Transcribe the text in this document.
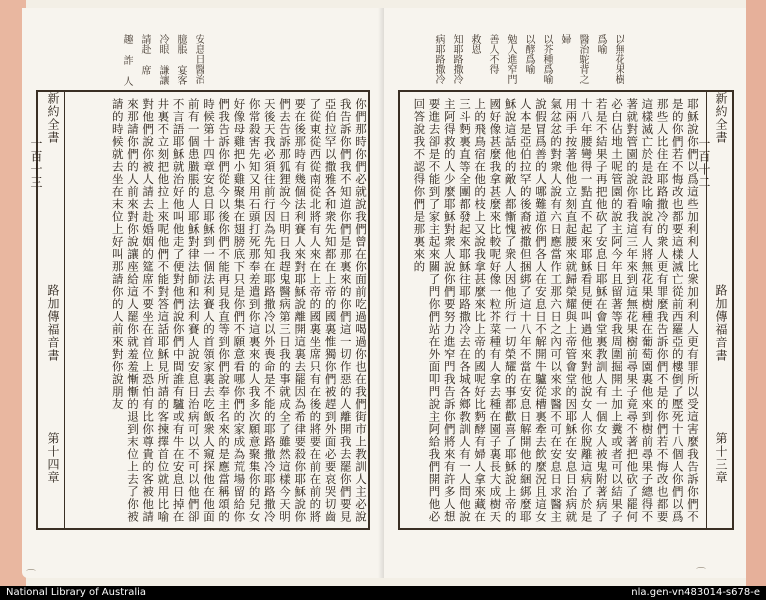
安息日醫治 臆脹 宴客 冷眼 謙讓 請赴 席 趣 詐 人
新約全書  路加傳福音書  第十四章  一百十三	你們那時你們必就說我們曾在你面前吃過喝過你也在我們街市上教訓人主必說我告訴你們我不知道你們是那裏來的你們這一切作惡的人離開我去罷你們要見亞伯拉罕以撒雅各和衆先知都在上帝的國裏惟獨你們被趕到外面必要哀哭切齒了從東從西從南從北將有人來在上帝的國裏坐席只有在後的將要在前在前的將要在後那時有幾個法利賽人來對耶穌說離開這裏去罷因為希律要殺你耶穌說你們去告訴那狐狸說今日明日我趕鬼醫病第三日我的事就成全了雖然這樣今天明天後天我必須往前行因為先知在耶路撒冷以外喪命是不能的耶路撒冷耶路撒冷你常殺害先知又用石頭打死那奉差遣到你這裏來的人我多次願意聚集你的兒女好像母雞把小雞聚集在翅膀底下只是你們不願意看哪你們的家成為荒場留給你們我告訴你們從今以後你們不能再見我直等到你們說奉主名來的是應當稱頌的時候第十四章安息日耶穌到一個法利賽人的首領家裏去吃飯衆人窺探他在他面前有一個患臌脹的人耶穌對律法師和法利賽人說安息日治病可以不可以他們卻不言語耶穌就治好他叫他走了便對他們說你們中間誰有驢或有牛在安息日掉在井裏不立刻把他拉上來呢他們不能對答這話耶穌見所請的客揀擇首位就用比喻對他們說你被人請去赴婚姻的筵席不要坐在首位上恐怕有比你尊貴的客被他請來那請你們的人前來對你說讓座給這人罷你就羞羞慚慚的退到末位上去了你被請的時候就去坐在末位上好叫那請你的人前來對你說朋友
⌒
以無花果樹 爲喻 醫治駝背之 婦 以芥種爲喻 以酵爲喻 勉人進窄門 善人不得 救恩 知耶路撒冷 病耶路撒冷
耶穌說你們以爲這些加利利人比衆加利利人更有罪所以受這害麼我告訴你們不是的你們若不悔改也都要這樣滅亡從前西羅亞的樓倒了壓死十八個人你們以爲那些人比住在耶路撒冷的衆人更有罪麼我告訴你們不是的你們若不悔改也都要這樣滅亡於是設比喻說有人將無花果樹種在葡萄園裏他來到樹前尋果子總得不著就對管園的說你看我這三年來到這無花果樹前尋果子竟尋不著把他砍了罷何必白佔地土呢管園的說主阿今年且留著等我周圍掘開土加上糞或者可以結果子若是不結果子再把他砍了安息日耶穌在會堂裏教訓人有一個女人被鬼附著病了十八年腰彎得一點直不起來耶穌看見便叫過他來對他說女人你脫離這病了於是用兩手按著他他立刻直起腰來就歸榮耀與上帝管會堂的因耶穌在安息日治病就氣忿忿的對衆人說有六日應當作工那六日之內可以來求醫不可在安息日求醫主說假冒爲善的人哪難道你們各人在安息日不解開牛驢從槽裏牽去飲麼況且這女人本是亞伯拉罕的後裔被撒但捆綁了這十八年不當在安息日解開他的綑綁麼耶穌說這話他的敵人都慚愧了衆人因他所行一切榮耀的事都歡喜了耶穌說上帝的國好像甚麼我拿甚麼來比較呢好像一粒芥菜種有人拿去種在園子裏長大成樹天上的飛鳥宿在他的枝上又說我拿甚麼來比上帝的國呢好比麪酵有婦人拿來藏在三斗麪裏直等全團都發起來耶穌往耶路撒冷去在各城各鄉教訓人有一人問他說主阿得救的人少麼耶穌對衆人說你們要努力進窄門我告訴你們將來有許多人想要進去卻是不能到了家主起來關了門你們站在外面叩門說主阿給我們開門他必回答說我不認得你們是那裏來的	新約全書  路加傳福音書  第十三章  一百十二
⌒
National Library of Australia	nla.gen-vn483014-s678-e
